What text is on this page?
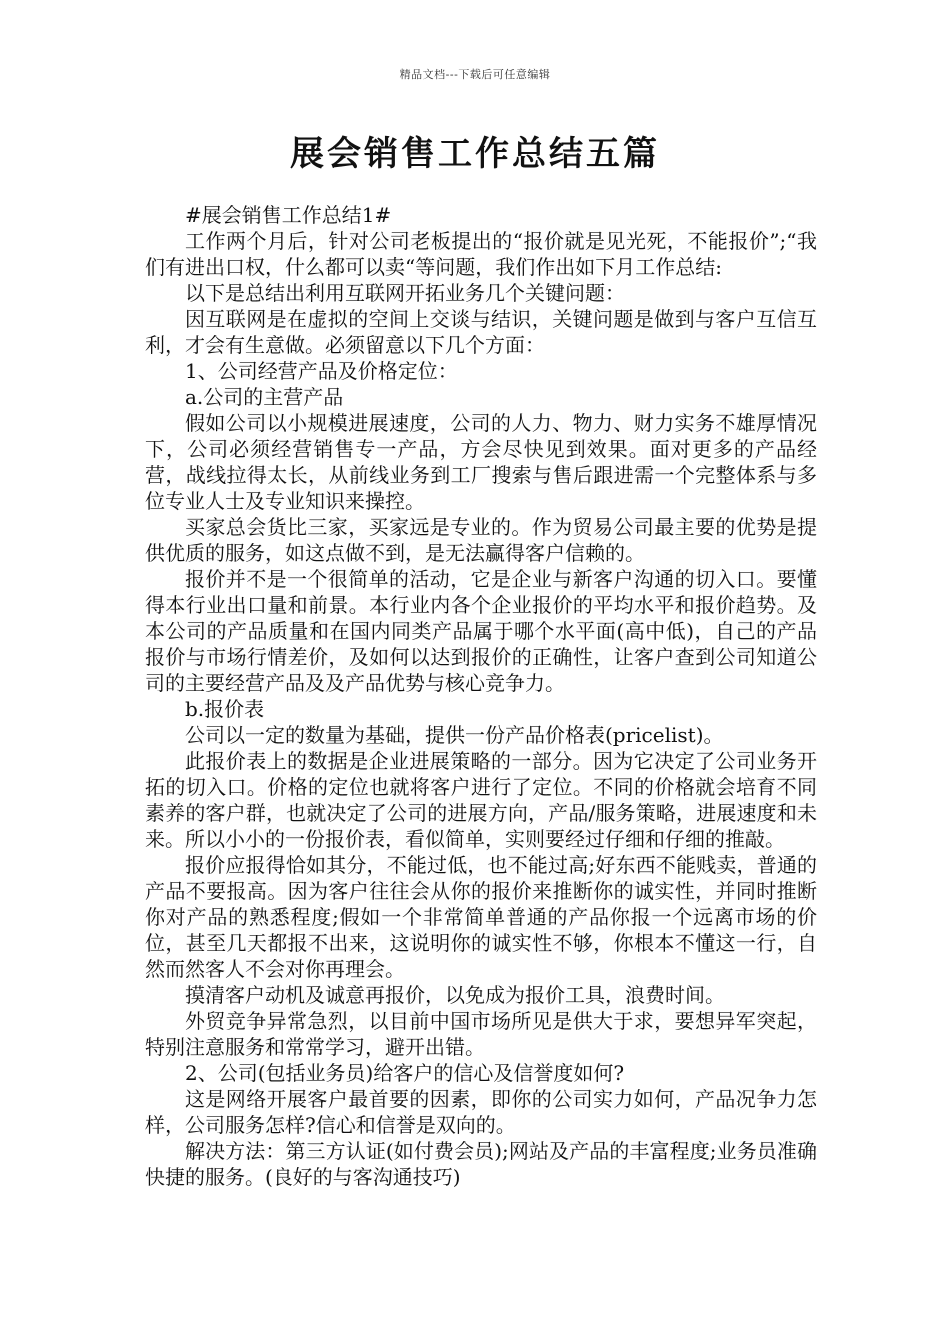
精品文档---下载后可任意编辑
展会销售工作总结五篇

#展会销售工作总结1#

工作两个月后，针对公司老板提出的“报价就是见光死，不能报价”;“我们有进出口权，什么都可以卖“等问题，我们作出如下月工作总结:

以下是总结出利用互联网开拓业务几个关键问题：

因互联网是在虚拟的空间上交谈与结识，关键问题是做到与客户互信互利，才会有生意做。必须留意以下几个方面：

1、公司经营产品及价格定位：

a.公司的主营产品

假如公司以小规模进展速度，公司的人力、物力、财力实务不雄厚情况下，公司必须经营销售专一产品，方会尽快见到效果。面对更多的产品经营，战线拉得太长，从前线业务到工厂搜索与售后跟进需一个完整体系与多位专业人士及专业知识来操控。

买家总会货比三家，买家远是专业的。作为贸易公司最主要的优势是提供优质的服务，如这点做不到，是无法赢得客户信赖的。

报价并不是一个很简单的活动，它是企业与新客户沟通的切入口。要懂得本行业出口量和前景。本行业内各个企业报价的平均水平和报价趋势。及本公司的产品质量和在国内同类产品属于哪个水平面(高中低)，自己的产品报价与市场行情差价，及如何以达到报价的正确性，让客户查到公司知道公司的主要经营产品及及产品优势与核心竞争力。

b.报价表

公司以一定的数量为基础，提供一份产品价格表(pricelist)。

此报价表上的数据是企业进展策略的一部分。因为它决定了公司业务开拓的切入口。价格的定位也就将客户进行了定位。不同的价格就会培育不同素养的客户群，也就决定了公司的进展方向，产品/服务策略，进展速度和未来。所以小小的一份报价表，看似简单，实则要经过仔细和仔细的推敲。

报价应报得恰如其分，不能过低，也不能过高;好东西不能贱卖，普通的产品不要报高。因为客户往往会从你的报价来推断你的诚实性，并同时推断你对产品的熟悉程度;假如一个非常简单普通的产品你报一个远离市场的价位，甚至几天都报不出来，这说明你的诚实性不够，你根本不懂这一行，自然而然客人不会对你再理会。

摸清客户动机及诚意再报价，以免成为报价工具，浪费时间。

外贸竞争异常急烈，以目前中国市场所见是供大于求，要想异军突起，特别注意服务和常常学习，避开出错。

2、公司(包括业务员)给客户的信心及信誉度如何?

这是网络开展客户最首要的因素，即你的公司实力如何，产品况争力怎样，公司服务怎样?信心和信誉是双向的。

解决方法：第三方认证(如付费会员);网站及产品的丰富程度;业务员准确快捷的服务。(良好的与客沟通技巧)
